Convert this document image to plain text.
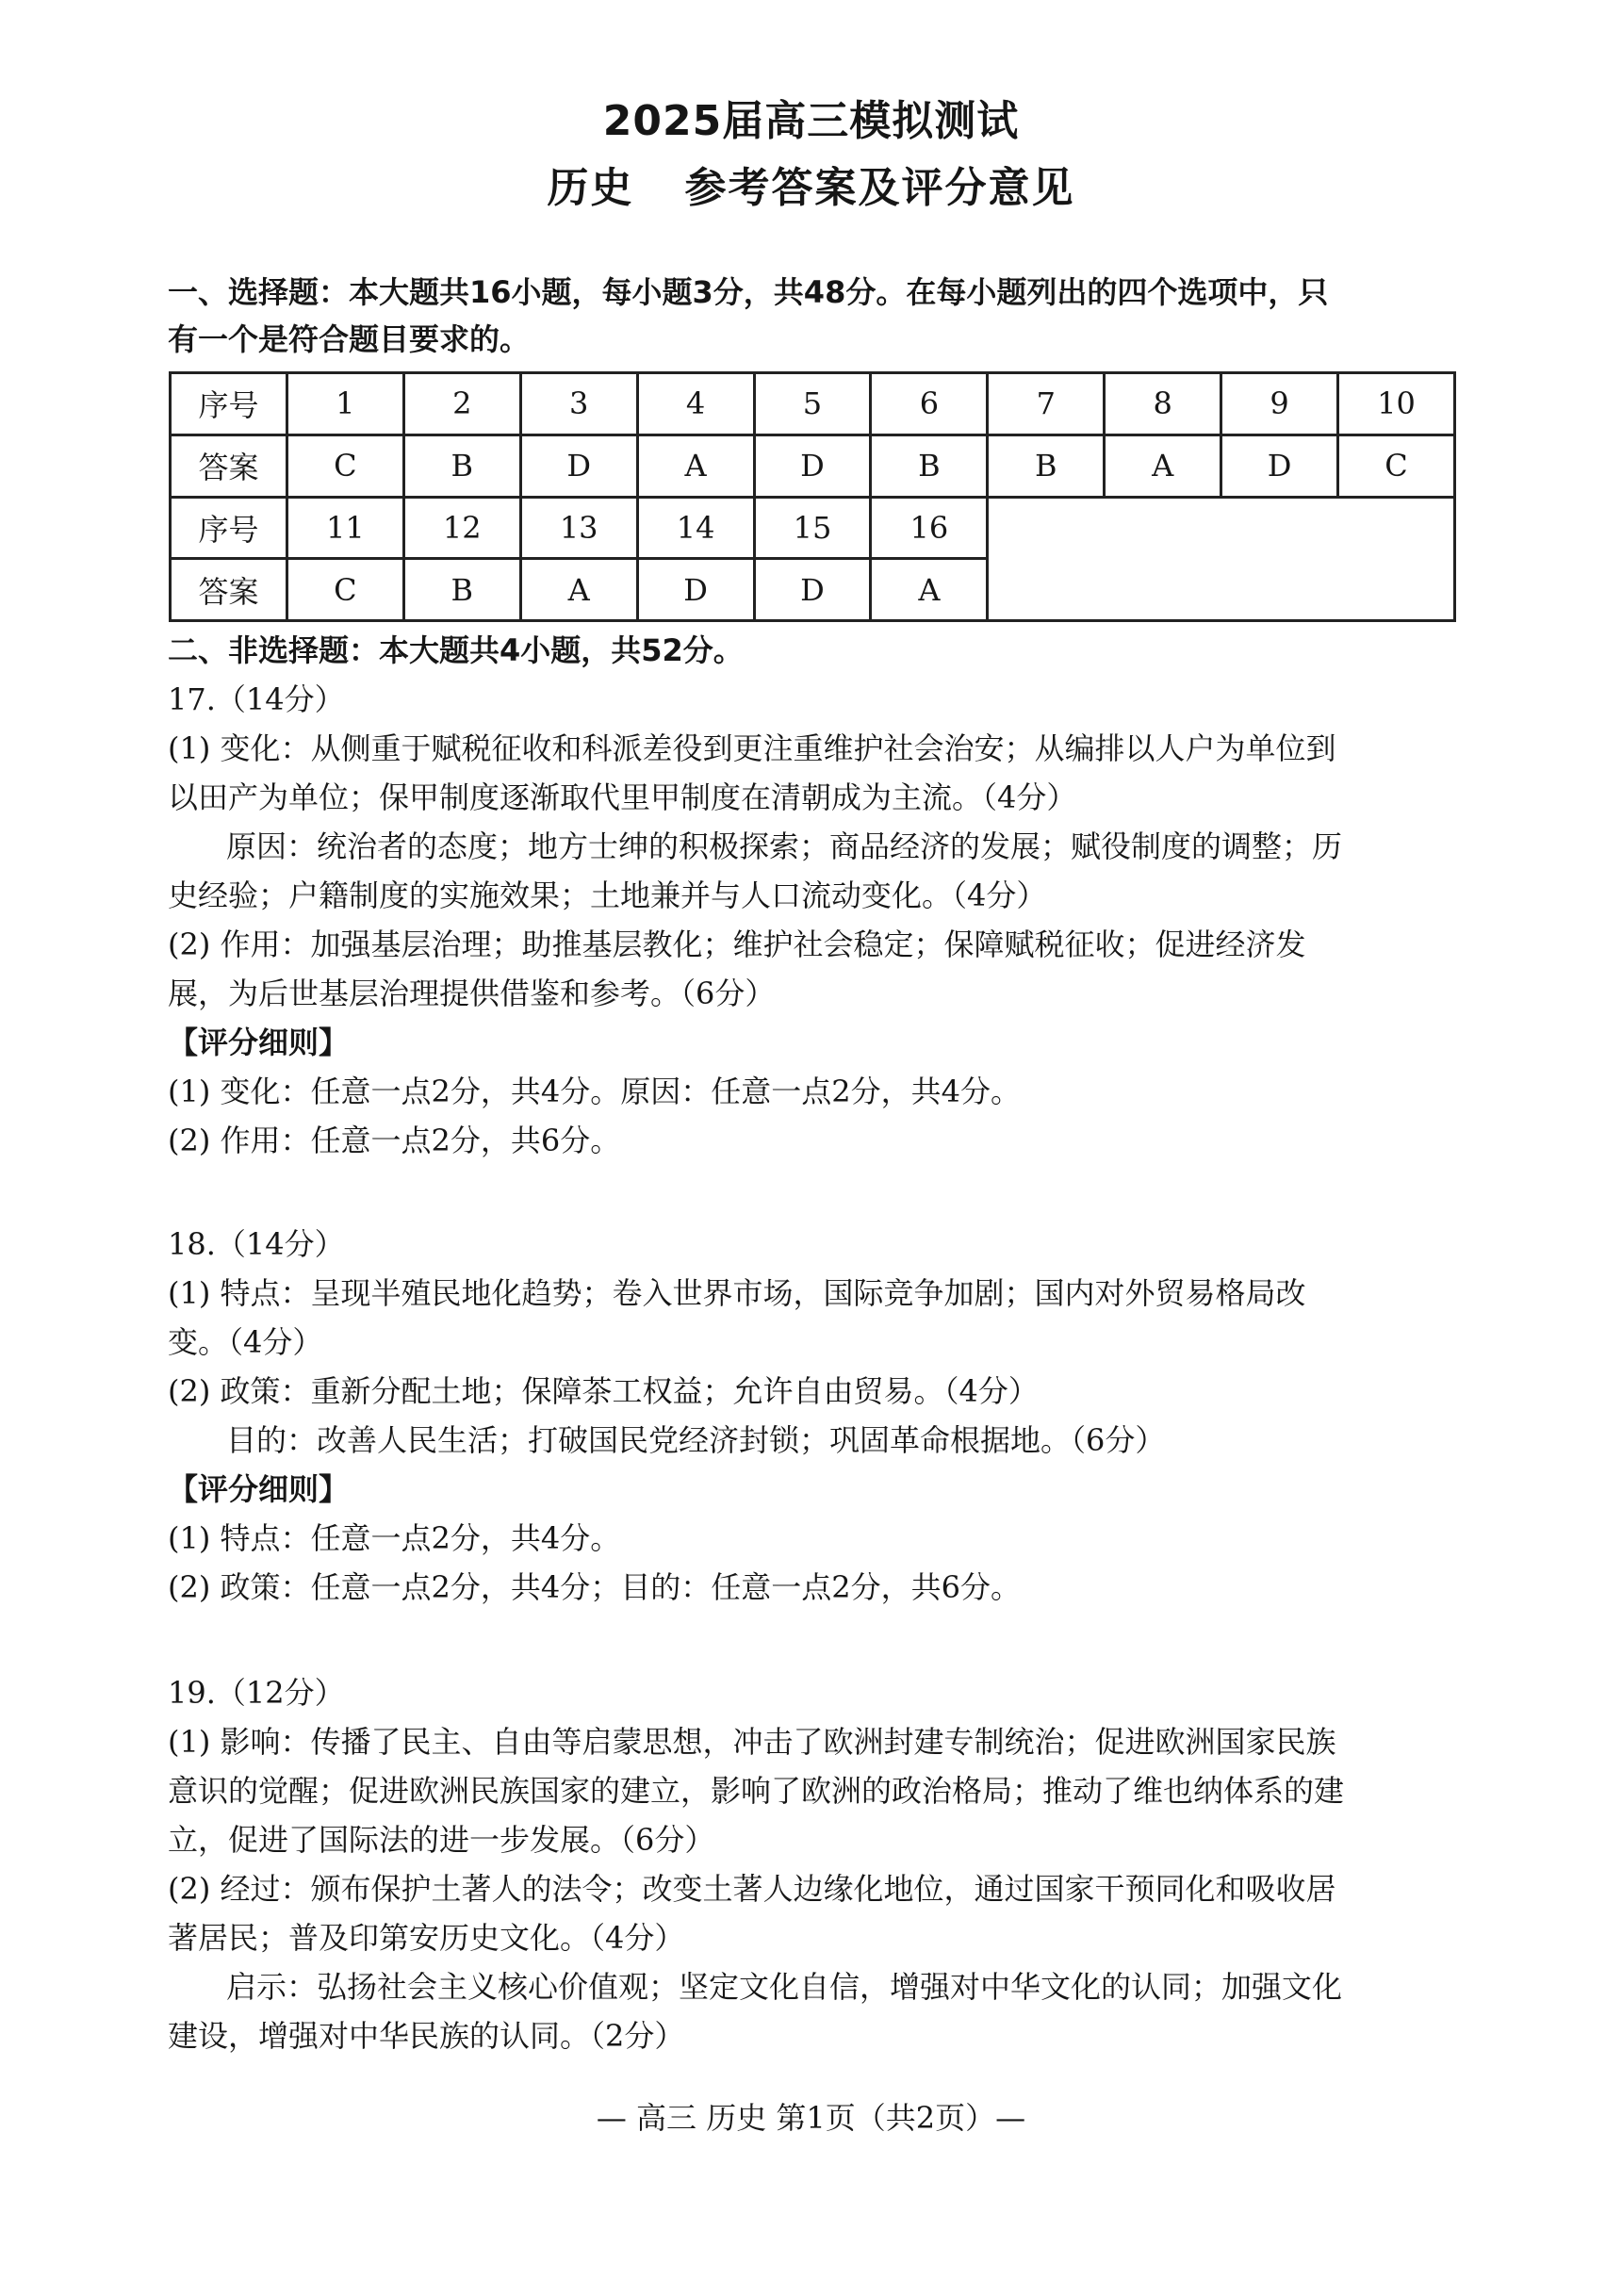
2025届高三模拟测试
历史 参考答案及评分意见
一、选择题：本大题共16小题，每小题3分，共48分。在每小题列出的四个选项中，只
有一个是符合题目要求的。
序号	1	2	3	4	5	6	7	8	9	10
答案	C	B	D	A	D	B	B	A	D	C
序号	11	12	13	14	15	16				
答案	C	B	A	D	D	A				
二、非选择题：本大题共4小题，共52分。
17.（14分）
(1) 变化：从侧重于赋税征收和科派差役到更注重维护社会治安；从编排以人户为单位到
以田产为单位；保甲制度逐渐取代里甲制度在清朝成为主流。（4分）
原因：统治者的态度；地方士绅的积极探索；商品经济的发展；赋役制度的调整；历
史经验；户籍制度的实施效果；土地兼并与人口流动变化。（4分）
(2) 作用：加强基层治理；助推基层教化；维护社会稳定；保障赋税征收；促进经济发
展，为后世基层治理提供借鉴和参考。（6分）
【评分细则】
(1) 变化：任意一点2分，共4分。原因：任意一点2分，共4分。
(2) 作用：任意一点2分，共6分。
18.（14分）
(1) 特点：呈现半殖民地化趋势；卷入世界市场，国际竞争加剧；国内对外贸易格局改
变。（4分）
(2) 政策：重新分配土地；保障茶工权益；允许自由贸易。（4分）
目的：改善人民生活；打破国民党经济封锁；巩固革命根据地。（6分）
【评分细则】
(1) 特点：任意一点2分，共4分。
(2) 政策：任意一点2分，共4分；目的：任意一点2分，共6分。
19.（12分）
(1) 影响：传播了民主、自由等启蒙思想，冲击了欧洲封建专制统治；促进欧洲国家民族
意识的觉醒；促进欧洲民族国家的建立，影响了欧洲的政治格局；推动了维也纳体系的建
立，促进了国际法的进一步发展。（6分）
(2) 经过：颁布保护土著人的法令；改变土著人边缘化地位，通过国家干预同化和吸收居
著居民；普及印第安历史文化。（4分）
启示：弘扬社会主义核心价值观；坚定文化自信，增强对中华文化的认同；加强文化
建设，增强对中华民族的认同。（2分）
— 高三 历史 第1页（共2页）—
